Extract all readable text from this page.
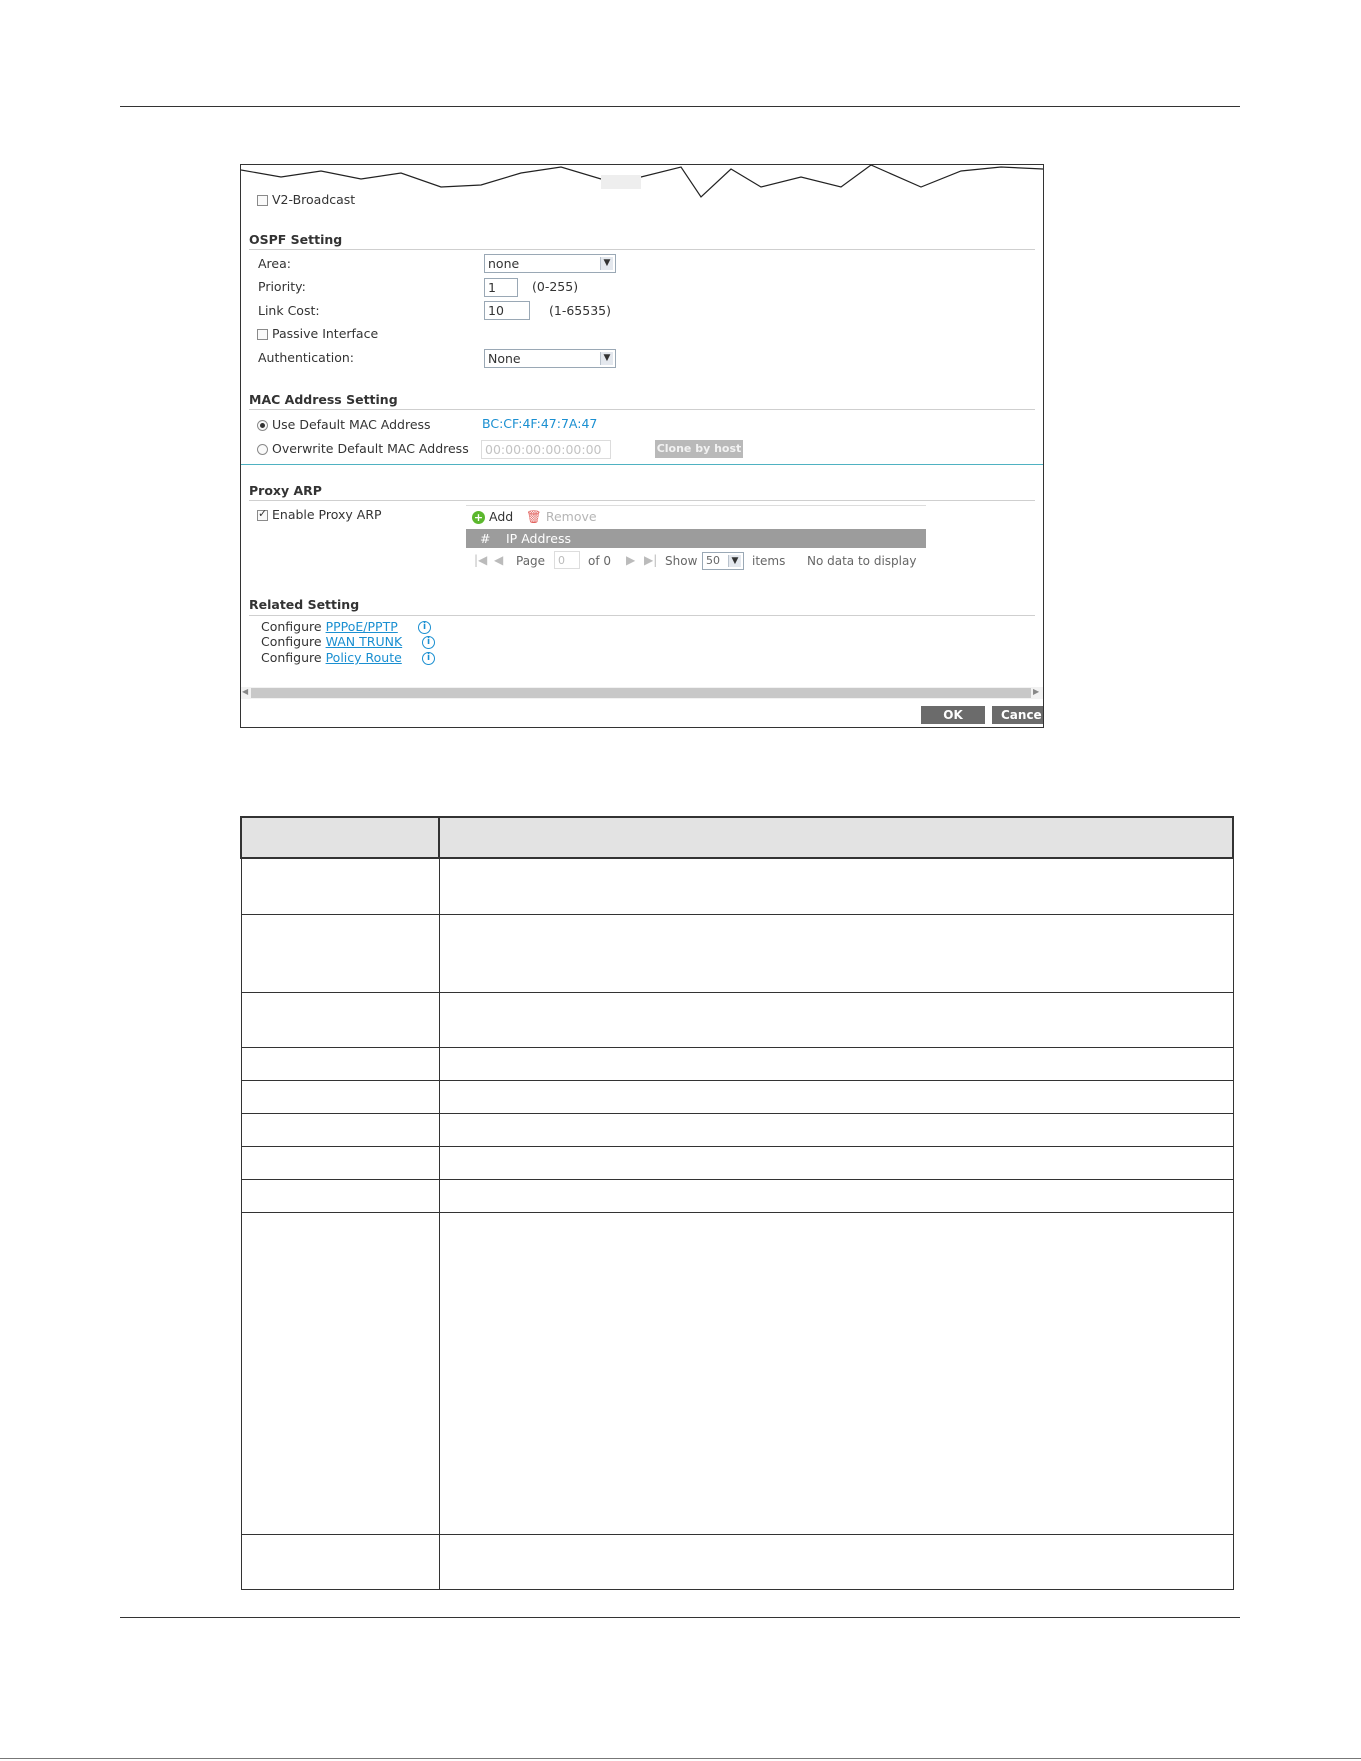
V2-Broadcast
OSPF Setting
Area:	none	▼
Priority:	1	(0-255)
Link Cost:	10	(1-65535)
Passive Interface
Authentication:	None	▼
MAC Address Setting
Use Default MAC Address	BC:CF:4F:47:7A:47
Overwrite Default MAC Address	00:00:00:00:00:00	Clone by host
Proxy ARP
✓
Enable Proxy ARP	+ Add 🗑 Remove
# IP Address
|◀ ◀ Page	0	of 0 ▶ ▶| Show 50	▼ items No data to display
Related Setting
Configure PPPoE/PPTP	i
Configure WAN TRUNK	i
Configure Policy Route	i
◀	▶
OK	Cance
